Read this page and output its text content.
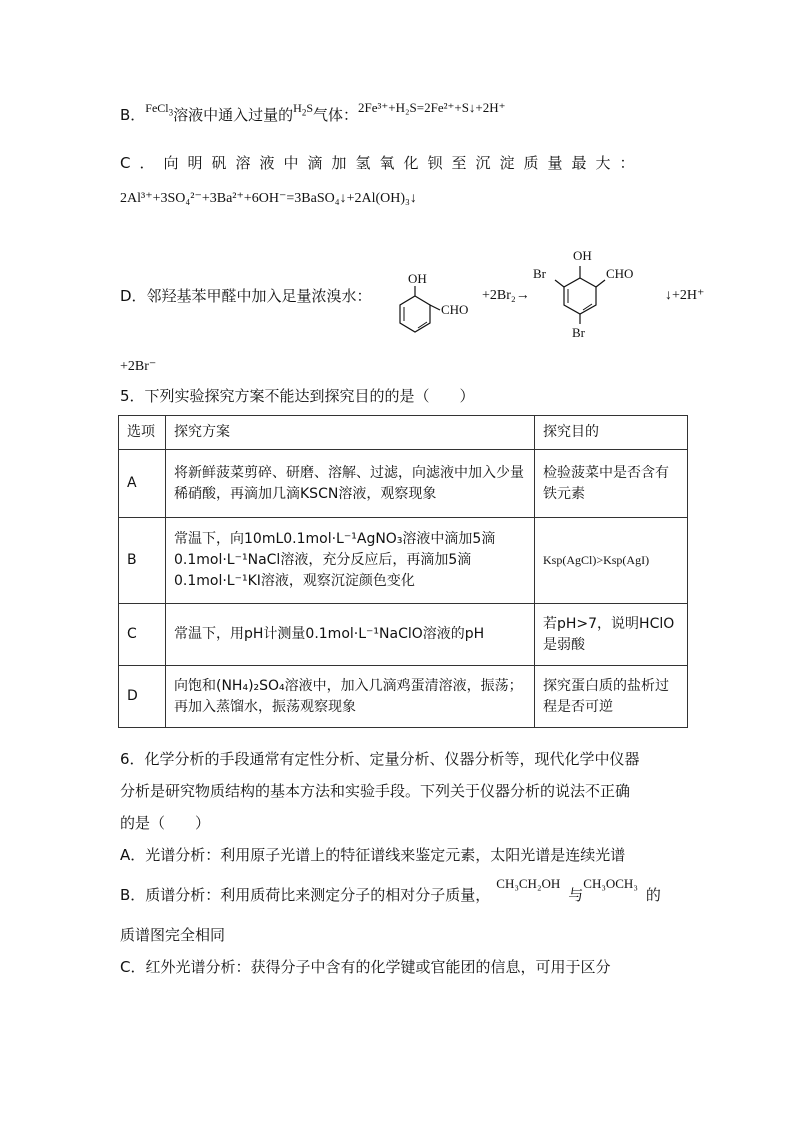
B．$^{FeCl_3}$溶液中通入过量的$^{H_2S}$气体：2Fe³⁺+H₂S=2Fe²⁺+S↓+2H⁺
C．向明矾溶液中滴加氢氧化钡至沉淀质量最大：
2Al³⁺+3SO₄²⁻+3Ba²⁺+6OH⁻=3BaSO₄↓+2Al(OH)₃↓
D．邻羟基苯甲醛中加入足量浓溴水：
OH
CHO
+2Br₂→
OH
CHO
Br
Br
↓+2H⁺
+2Br⁻
5．下列实验探究方案不能达到探究目的的是（　　）
选项	探究方案	探究目的
A	将新鲜菠菜剪碎、研磨、溶解、过滤，向滤液中加入少量稀硝酸，再滴加几滴KSCN溶液，观察现象	检验菠菜中是否含有铁元素
B	常温下，向10mL0.1mol·L⁻¹AgNO₃溶液中滴加5滴0.1mol·L⁻¹NaCl溶液，充分反应后，再滴加5滴0.1mol·L⁻¹KI溶液，观察沉淀颜色变化	Ksp(AgCl)>Ksp(AgI)
C	常温下，用pH计测量0.1mol·L⁻¹NaClO溶液的pH	若pH>7，说明HClO是弱酸
D	向饱和(NH₄)₂SO₄溶液中，加入几滴鸡蛋清溶液，振荡；再加入蒸馏水，振荡观察现象	探究蛋白质的盐析过程是否可逆
6．化学分析的手段通常有定性分析、定量分析、仪器分析等，现代化学中仪器
分析是研究物质结构的基本方法和实验手段。下列关于仪器分析的说法不正确
的是（　　）
A．光谱分析：利用原子光谱上的特征谱线来鉴定元素，太阳光谱是连续光谱
B．质谱分析：利用质荷比来测定分子的相对分子质量，CH₃CH₂OH与CH₃OCH₃的
质谱图完全相同
C．红外光谱分析：获得分子中含有的化学键或官能团的信息，可用于区分
